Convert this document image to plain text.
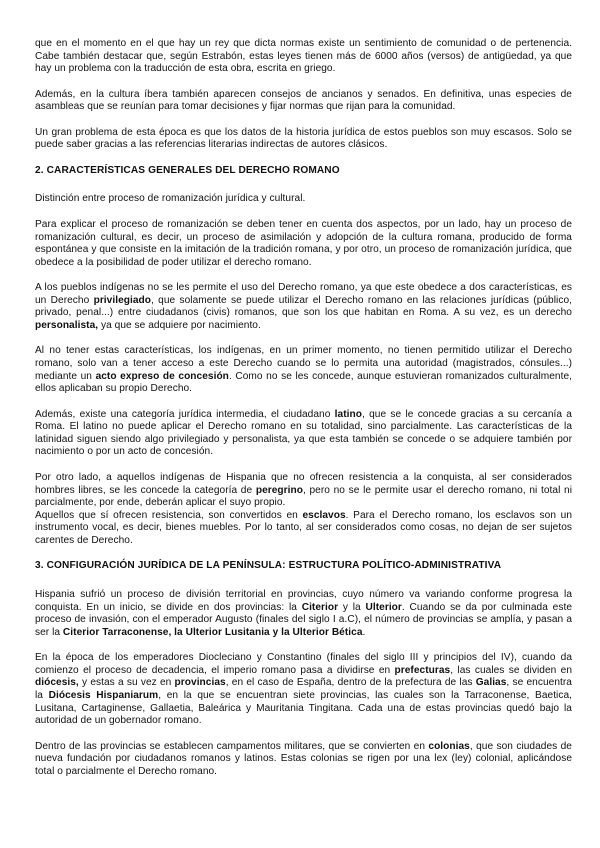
que en el momento en el que hay un rey que dicta normas existe un sentimiento de comunidad o de pertenencia. Cabe también destacar que, según Estrabón, estas leyes tienen más de 6000 años (versos) de antigüedad, ya que hay un problema con la traducción de esta obra, escrita en griego.

Además, en la cultura íbera también aparecen consejos de ancianos y senados. En definitiva, unas especies de asambleas que se reunían para tomar decisiones y fijar normas que rijan para la comunidad.

Un gran problema de esta época es que los datos de la historia jurídica de estos pueblos son muy escasos. Solo se puede saber gracias a las referencias literarias indirectas de autores clásicos.

2. CARACTERÍSTICAS GENERALES DEL DERECHO ROMANO

Distinción entre proceso de romanización jurídica y cultural.

Para explicar el proceso de romanización se deben tener en cuenta dos aspectos, por un lado, hay un proceso de romanización cultural, es decir, un proceso de asimilación y adopción de la cultura romana, producido de forma espontánea y que consiste en la imitación de la tradición romana, y por otro, un proceso de romanización jurídica, que obedece a la posibilidad de poder utilizar el derecho romano.

A los pueblos indígenas no se les permite el uso del Derecho romano, ya que este obedece a dos características, es un Derecho privilegiado, que solamente se puede utilizar el Derecho romano en las relaciones jurídicas (público, privado, penal...) entre ciudadanos (civis) romanos, que son los que habitan en Roma. A su vez, es un derecho personalista, ya que se adquiere por nacimiento.

Al no tener estas características, los indígenas, en un primer momento, no tienen permitido utilizar el Derecho romano, solo van a tener acceso a este Derecho cuando se lo permita una autoridad (magistrados, cónsules...) mediante un acto expreso de concesión. Como no se les concede, aunque estuvieran romanizados culturalmente, ellos aplicaban su propio Derecho.

Además, existe una categoría jurídica intermedia, el ciudadano latino, que se le concede gracias a su cercanía a Roma. El latino no puede aplicar el Derecho romano en su totalidad, sino parcialmente. Las características de la latinidad siguen siendo algo privilegiado y personalista, ya que esta también se concede o se adquiere también por nacimiento o por un acto de concesión.

Por otro lado, a aquellos indígenas de Hispania que no ofrecen resistencia a la conquista, al ser considerados hombres libres, se les concede la categoría de peregrino, pero no se le permite usar el derecho romano, ni total ni parcialmente, por ende, deberán aplicar el suyo propio.

Aquellos que sí ofrecen resistencia, son convertidos en esclavos. Para el Derecho romano, los esclavos son un instrumento vocal, es decir, bienes muebles. Por lo tanto, al ser considerados como cosas, no dejan de ser sujetos carentes de Derecho.

3. CONFIGURACIÓN JURÍDICA DE LA PENÍNSULA: ESTRUCTURA POLÍTICO-ADMINISTRATIVA

Hispania sufrió un proceso de división territorial en provincias, cuyo número va variando conforme progresa la conquista. En un inicio, se divide en dos provincias: la Citerior y la Ulterior. Cuando se da por culminada este proceso de invasión, con el emperador Augusto (finales del siglo I a.C), el número de provincias se amplía, y pasan a ser la Citerior Tarraconense, la Ulterior Lusitania y la Ulterior Bética.

En la época de los emperadores Diocleciano y Constantino (finales del siglo III y principios del IV), cuando da comienzo el proceso de decadencia, el imperio romano pasa a dividirse en prefecturas, las cuales se dividen en diócesis, y estas a su vez en provincias, en el caso de España, dentro de la prefectura de las Galias, se encuentra la Diócesis Hispaniarum, en la que se encuentran siete provincias, las cuales son la Tarraconense, Baetica, Lusitana, Cartaginense, Gallaetia, Baleárica y Mauritania Tingitana. Cada una de estas provincias quedó bajo la autoridad de un gobernador romano.

Dentro de las provincias se establecen campamentos militares, que se convierten en colonias, que son ciudades de nueva fundación por ciudadanos romanos y latinos. Estas colonias se rigen por una lex (ley) colonial, aplicándose total o parcialmente el Derecho romano.
